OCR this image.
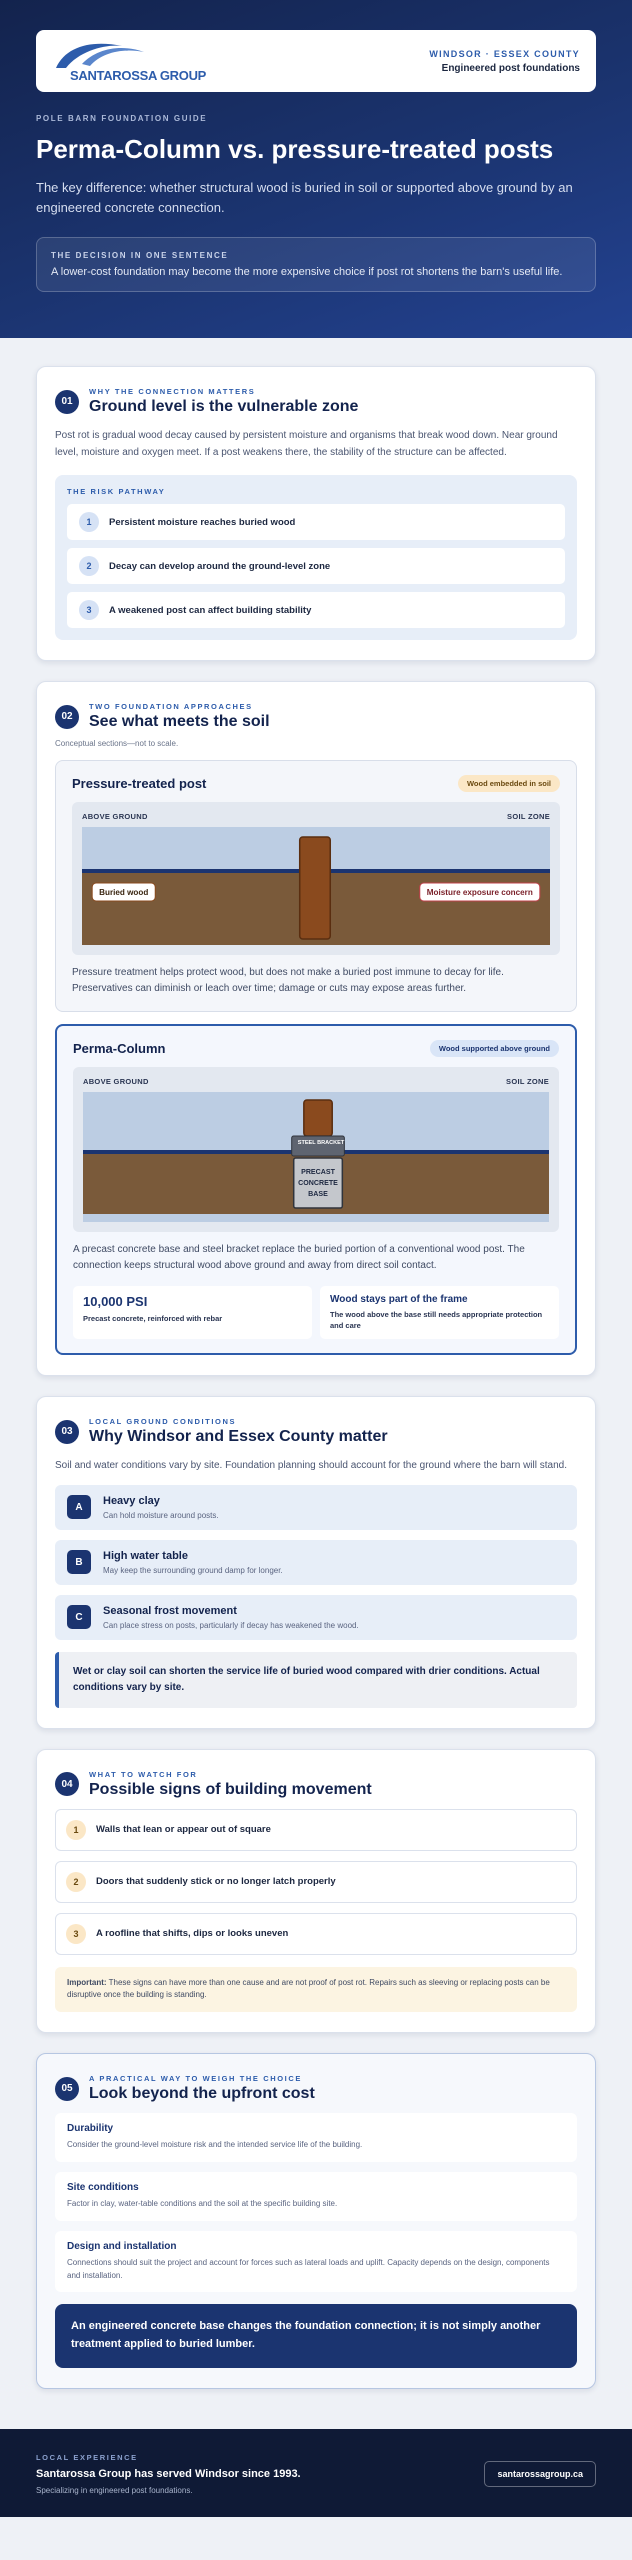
SANTAROSSA GROUP
WINDSOR · ESSEX COUNTY
Engineered post foundations
POLE BARN FOUNDATION GUIDE
Perma-Column vs. pressure-treated posts

The key difference: whether structural wood is buried in soil or supported above ground by an engineered concrete connection.

THE DECISION IN ONE SENTENCE

A lower-cost foundation may become the more expensive choice if post rot shortens the barn's useful life.

01
WHY THE CONNECTION MATTERS
Ground level is the vulnerable zone

Post rot is gradual wood decay caused by persistent moisture and organisms that break wood down. Near ground level, moisture and oxygen meet. If a post weakens there, the stability of the structure can be affected.

THE RISK PATHWAY
1	Persistent moisture reaches buried wood
2	Decay can develop around the ground-level zone
3	A weakened post can affect building stability
02
TWO FOUNDATION APPROACHES
See what meets the soil

Conceptual sections—not to scale.

Pressure-treated post	Wood embedded in soil
ABOVE GROUND	SOIL ZONE
Buried wood	Moisture exposure concern

Pressure treatment helps protect wood, but does not make a buried post immune to decay for life. Preservatives can diminish or leach over time; damage or cuts may expose areas further.

Perma-Column	Wood supported above ground
ABOVE GROUND	SOIL ZONE
STEEL BRACKET
PRECAST
CONCRETE
BASE

A precast concrete base and steel bracket replace the buried portion of a conventional wood post. The connection keeps structural wood above ground and away from direct soil contact.

10,000 PSI
Precast concrete, reinforced with rebar
Wood stays part of the frame
The wood above the base still needs appropriate protection and care
03
LOCAL GROUND CONDITIONS
Why Windsor and Essex County matter

Soil and water conditions vary by site. Foundation planning should account for the ground where the barn will stand.

A
Heavy clay
Can hold moisture around posts.
B
High water table
May keep the surrounding ground damp for longer.
C
Seasonal frost movement
Can place stress on posts, particularly if decay has weakened the wood.
Wet or clay soil can shorten the service life of buried wood compared with drier conditions. Actual conditions vary by site.
04
WHAT TO WATCH FOR
Possible signs of building movement
1	Walls that lean or appear out of square
2	Doors that suddenly stick or no longer latch properly
3	A roofline that shifts, dips or looks uneven
Important: These signs can have more than one cause and are not proof of post rot. Repairs such as sleeving or replacing posts can be disruptive once the building is standing.
05
A PRACTICAL WAY TO WEIGH THE CHOICE
Look beyond the upfront cost
Durability
Consider the ground-level moisture risk and the intended service life of the building.
Site conditions
Factor in clay, water-table conditions and the soil at the specific building site.
Design and installation
Connections should suit the project and account for forces such as lateral loads and uplift. Capacity depends on the design, components and installation.
An engineered concrete base changes the foundation connection; it is not simply another treatment applied to buried lumber.
LOCAL EXPERIENCE
Santarossa Group has served Windsor since 1993.
Specializing in engineered post foundations.
santarossagroup.ca
